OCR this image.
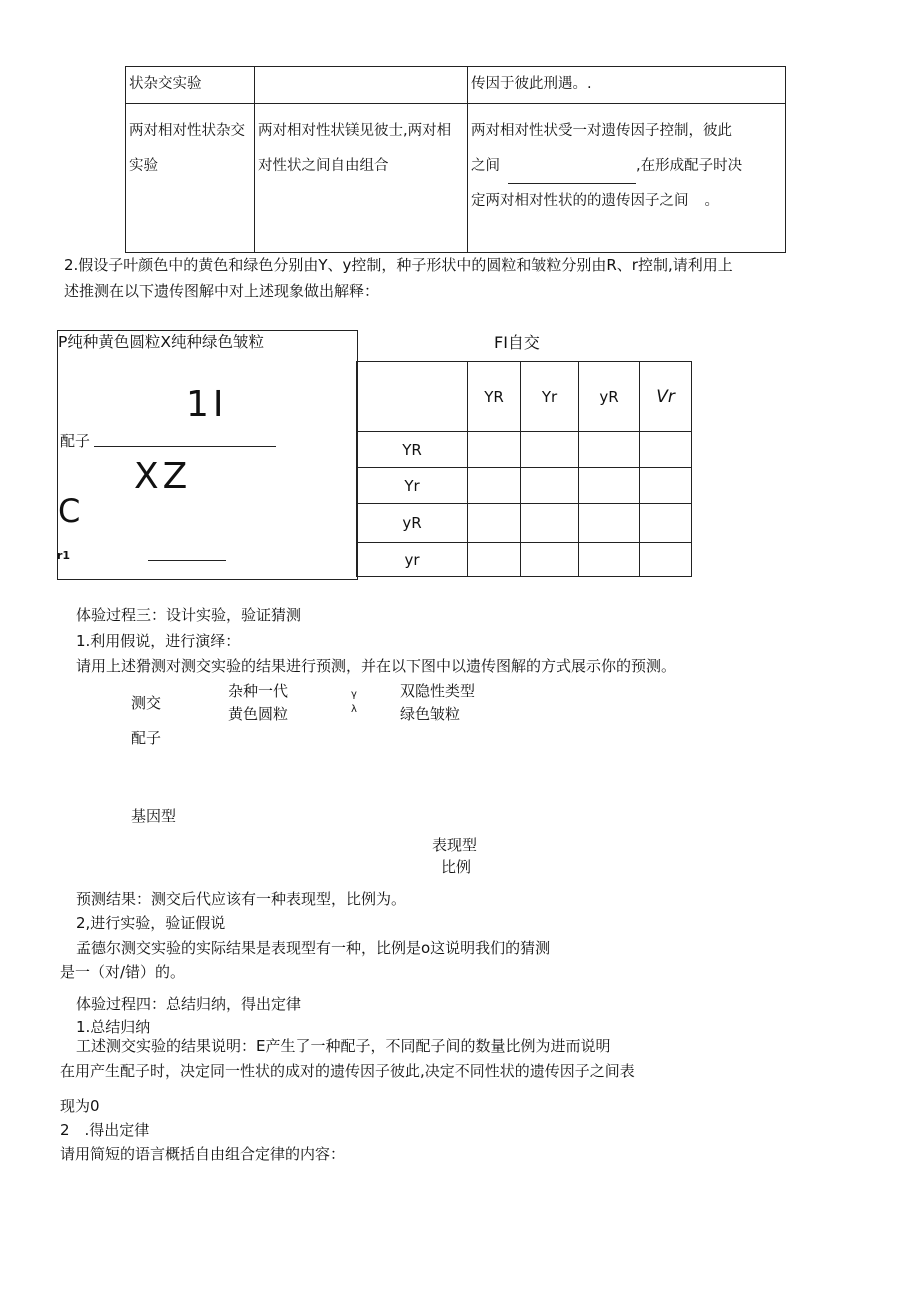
状杂交实验		传因于彼此刑遇。.

两对相对性状杂交实验	两对相对性状镁见彼士,两对相对性状之间自由组合	两对相对性状受一对遗传因子控制，彼此
之间 ,在形成配子时决
定两对相对性状的的遗传因子之间 。
2.假设子叶颜色中的黄色和绿色分别由Y、y控制，种子形状中的圆粒和皱粒分别由R、r控制,请利用上
述推测在以下遗传图解中对上述现象做出解释：
P纯种黄色圆粒X纯种绿色皱粒
1I
配子
XZ
C
r1
FI自交
	YR	Yr	yR	Vr
YR				
Yr				
yR				
yr				
体验过程三：设计实验，验证猜测
1.利用假说，进行演绎：
请用上述猾测对测交实验的结果进行预测，并在以下图中以遗传图解的方式展示你的预测。
测交
杂种一代
黄色圆粒
γ
λ
双隐性类型
绿色皱粒
配子
基因型
表现型
比例
预测结果：测交后代应该有一种表现型，比例为。
2,进行实验，验证假说
孟德尔测交实验的实际结果是表现型有一种，比例是o这说明我们的猜测
是一（对/错）的。
体验过程四：总结归纳，得出定律
1.总结归纳
工述测交实验的结果说明：E产生了一种配子，不同配子间的数量比例为进而说明
在用产生配子时，决定同一性状的成对的遗传因子彼此,决定不同性状的遗传因子之间表
现为0
2　.得出定律
请用简短的语言概括自由组合定律的内容：
